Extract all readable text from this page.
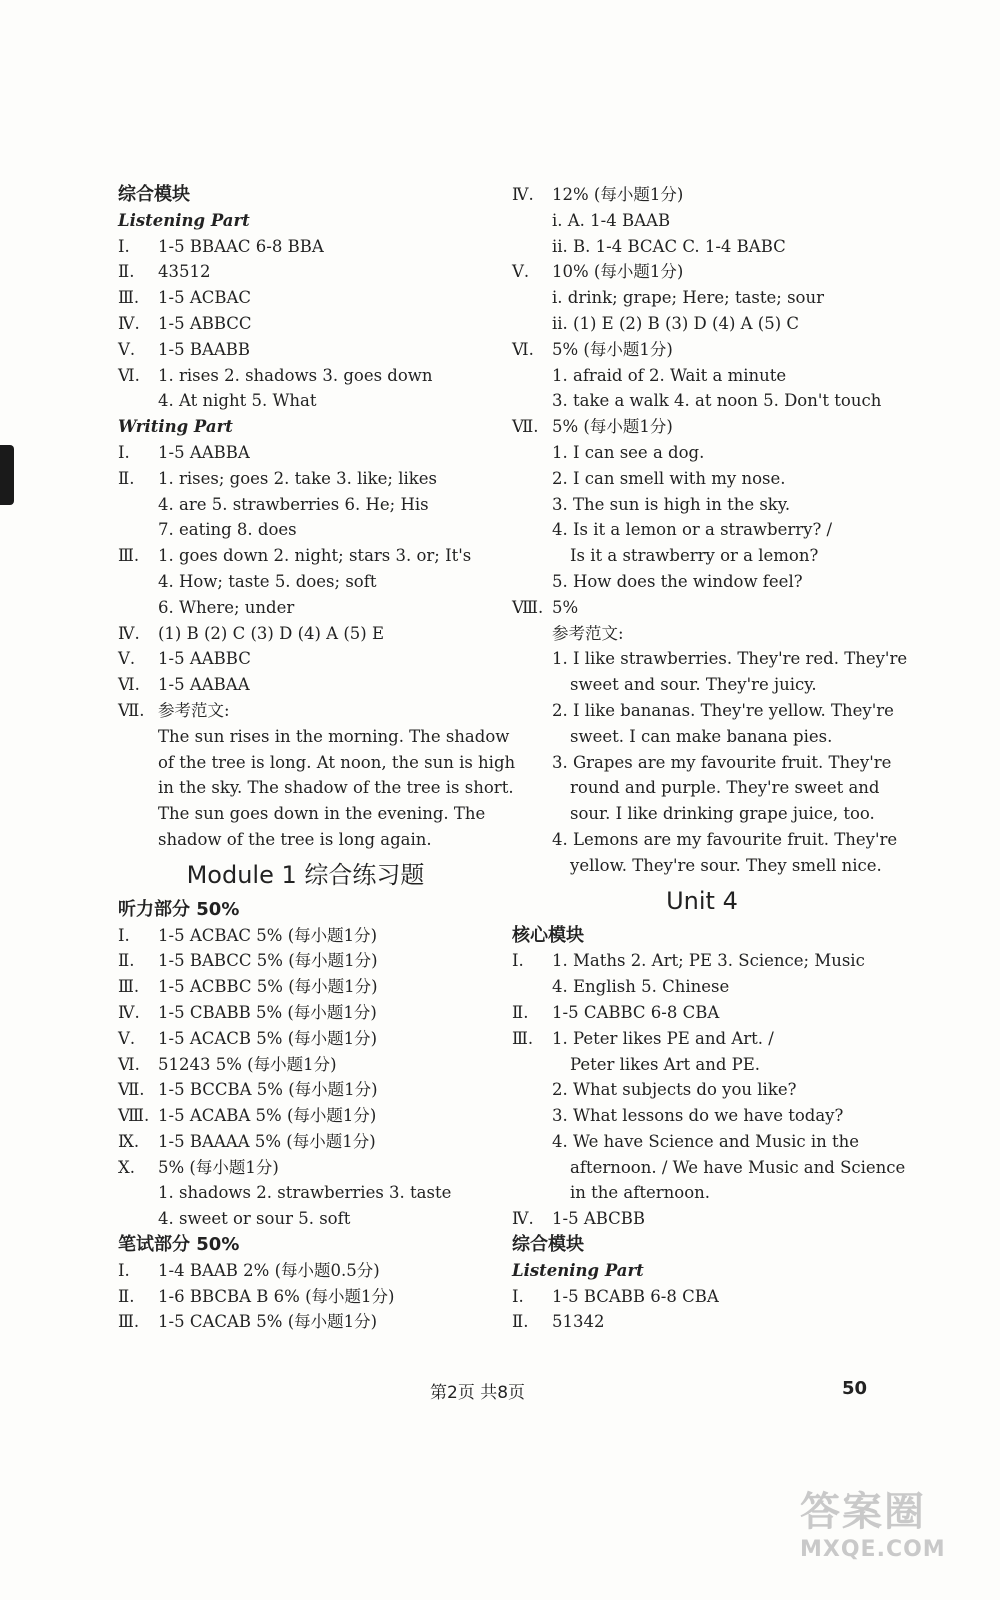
综合模块
Listening Part
Ⅰ. 1-5 BBAAC 6-8 BBA
Ⅱ. 43512
Ⅲ. 1-5 ACBAC
Ⅳ. 1-5 ABBCC
Ⅴ. 1-5 BAABB
Ⅵ. 1. rises 2. shadows 3. goes down
4. At night 5. What
Writing Part
Ⅰ. 1-5 AABBA
Ⅱ. 1. rises; goes 2. take 3. like; likes
4. are 5. strawberries 6. He; His
7. eating 8. does
Ⅲ. 1. goes down 2. night; stars 3. or; It's
4. How; taste 5. does; soft
6. Where; under
Ⅳ. (1) B (2) C (3) D (4) A (5) E
Ⅴ. 1-5 AABBC
Ⅵ. 1-5 AABAA
Ⅶ. 参考范文:
The sun rises in the morning. The shadow
of the tree is long. At noon, the sun is high
in the sky. The shadow of the tree is short.
The sun goes down in the evening. The
shadow of the tree is long again.
Module 1 综合练习题
听力部分 50%
Ⅰ. 1-5 ACBAC 5% (每小题1分)
Ⅱ. 1-5 BABCC 5% (每小题1分)
Ⅲ. 1-5 ACBBC 5% (每小题1分)
Ⅳ. 1-5 CBABB 5% (每小题1分)
Ⅴ. 1-5 ACACB 5% (每小题1分)
Ⅵ. 51243 5% (每小题1分)
Ⅶ. 1-5 BCCBA 5% (每小题1分)
Ⅷ. 1-5 ACABA 5% (每小题1分)
Ⅸ. 1-5 BAAAA 5% (每小题1分)
Ⅹ. 5% (每小题1分)
1. shadows 2. strawberries 3. taste
4. sweet or sour 5. soft
笔试部分 50%
Ⅰ. 1-4 BAAB 2% (每小题0.5分)
Ⅱ. 1-6 BBCBA B 6% (每小题1分)
Ⅲ. 1-5 CACAB 5% (每小题1分)
Ⅳ. 12% (每小题1分)
i. A. 1-4 BAAB
ii. B. 1-4 BCAC C. 1-4 BABC
Ⅴ. 10% (每小题1分)
i. drink; grape; Here; taste; sour
ii. (1) E (2) B (3) D (4) A (5) C
Ⅵ. 5% (每小题1分)
1. afraid of 2. Wait a minute
3. take a walk 4. at noon 5. Don't touch
Ⅶ. 5% (每小题1分)
1. I can see a dog.
2. I can smell with my nose.
3. The sun is high in the sky.
4. Is it a lemon or a strawberry? /
Is it a strawberry or a lemon?
5. How does the window feel?
Ⅷ. 5%
参考范文:
1. I like strawberries. They're red. They're
sweet and sour. They're juicy.
2. I like bananas. They're yellow. They're
sweet. I can make banana pies.
3. Grapes are my favourite fruit. They're
round and purple. They're sweet and
sour. I like drinking grape juice, too.
4. Lemons are my favourite fruit. They're
yellow. They're sour. They smell nice.
Unit 4
核心模块
Ⅰ. 1. Maths 2. Art; PE 3. Science; Music
4. English 5. Chinese
Ⅱ. 1-5 CABBC 6-8 CBA
Ⅲ. 1. Peter likes PE and Art. /
Peter likes Art and PE.
2. What subjects do you like?
3. What lessons do we have today?
4. We have Science and Music in the
afternoon. / We have Music and Science
in the afternoon.
Ⅳ. 1-5 ABCBB
综合模块
Listening Part
Ⅰ. 1-5 BCABB 6-8 CBA
Ⅱ. 51342
第2页 共8页	50
答案圈
MXQE.COM
